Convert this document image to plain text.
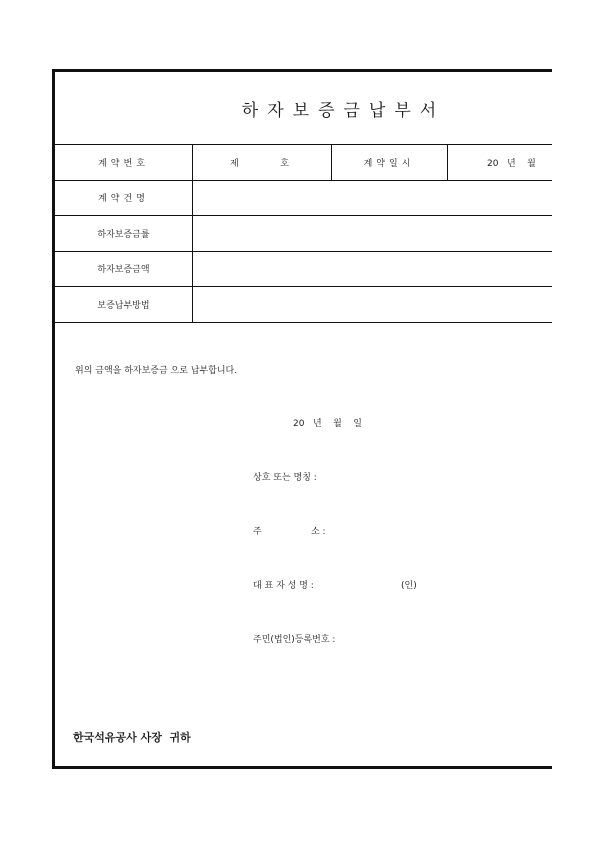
하자보증금납부서
계약번호	제	호	계약일시	20   년    월
계약건명
하자보증금률
하자보증금액
보증납부방법
위의 금액을 하자보증금 으로 납부합니다.
20   년    월    일
상호 또는 명칭 :
주	소 :
대 표 자 성 명 :	(인)
주민(법인)등록번호 :
한국석유공사 사장  귀하
